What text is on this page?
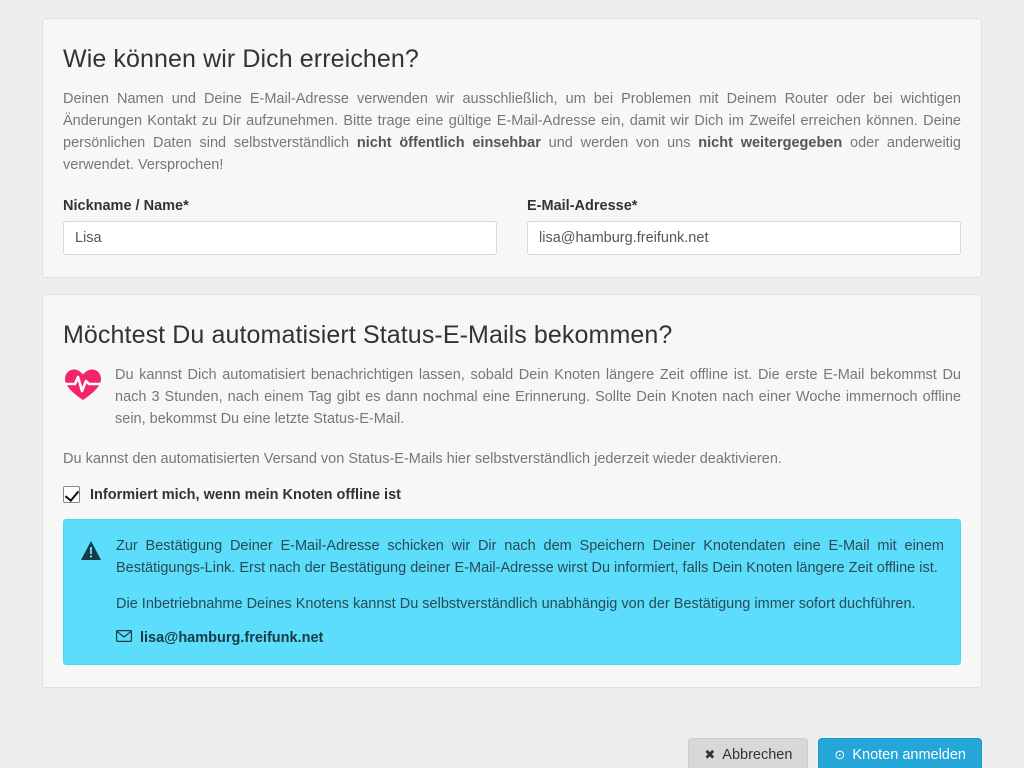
Wie können wir Dich erreichen?

Deinen Namen und Deine E-Mail-Adresse verwenden wir ausschließlich, um bei Problemen mit Deinem Router oder bei wichtigen Änderungen Kontakt zu Dir aufzunehmen. Bitte trage eine gültige E-Mail-Adresse ein, damit wir Dich im Zweifel erreichen können. Deine persönlichen Daten sind selbstverständlich nicht öffentlich einsehbar und werden von uns nicht weitergegeben oder anderweitig verwendet. Versprochen!

Nickname / Name*
Lisa	E-Mail-Adresse*
lisa@hamburg.freifunk.net
Möchtest Du automatisiert Status-E-Mails bekommen?

Du kannst Dich automatisiert benachrichtigen lassen, sobald Dein Knoten längere Zeit offline ist. Die erste E-Mail bekommst Du nach 3 Stunden, nach einem Tag gibt es dann nochmal eine Erinnerung. Sollte Dein Knoten nach einer Woche immernoch offline sein, bekommst Du eine letzte Status-E-Mail.

Du kannst den automatisierten Versand von Status-E-Mails hier selbstverständlich jederzeit wieder deaktivieren.

Informiert mich, wenn mein Knoten offline ist

Zur Bestätigung Deiner E-Mail-Adresse schicken wir Dir nach dem Speichern Deiner Knotendaten eine E-Mail mit einem Bestätigungs-Link. Erst nach der Bestätigung deiner E-Mail-Adresse wirst Du informiert, falls Dein Knoten längere Zeit offline ist.

Die Inbetriebnahme Deines Knotens kannst Du selbstverständlich unabhängig von der Bestätigung immer sofort duchführen.

lisa@hamburg.freifunk.net
✖ Abbrechen	⊙ Knoten anmelden
